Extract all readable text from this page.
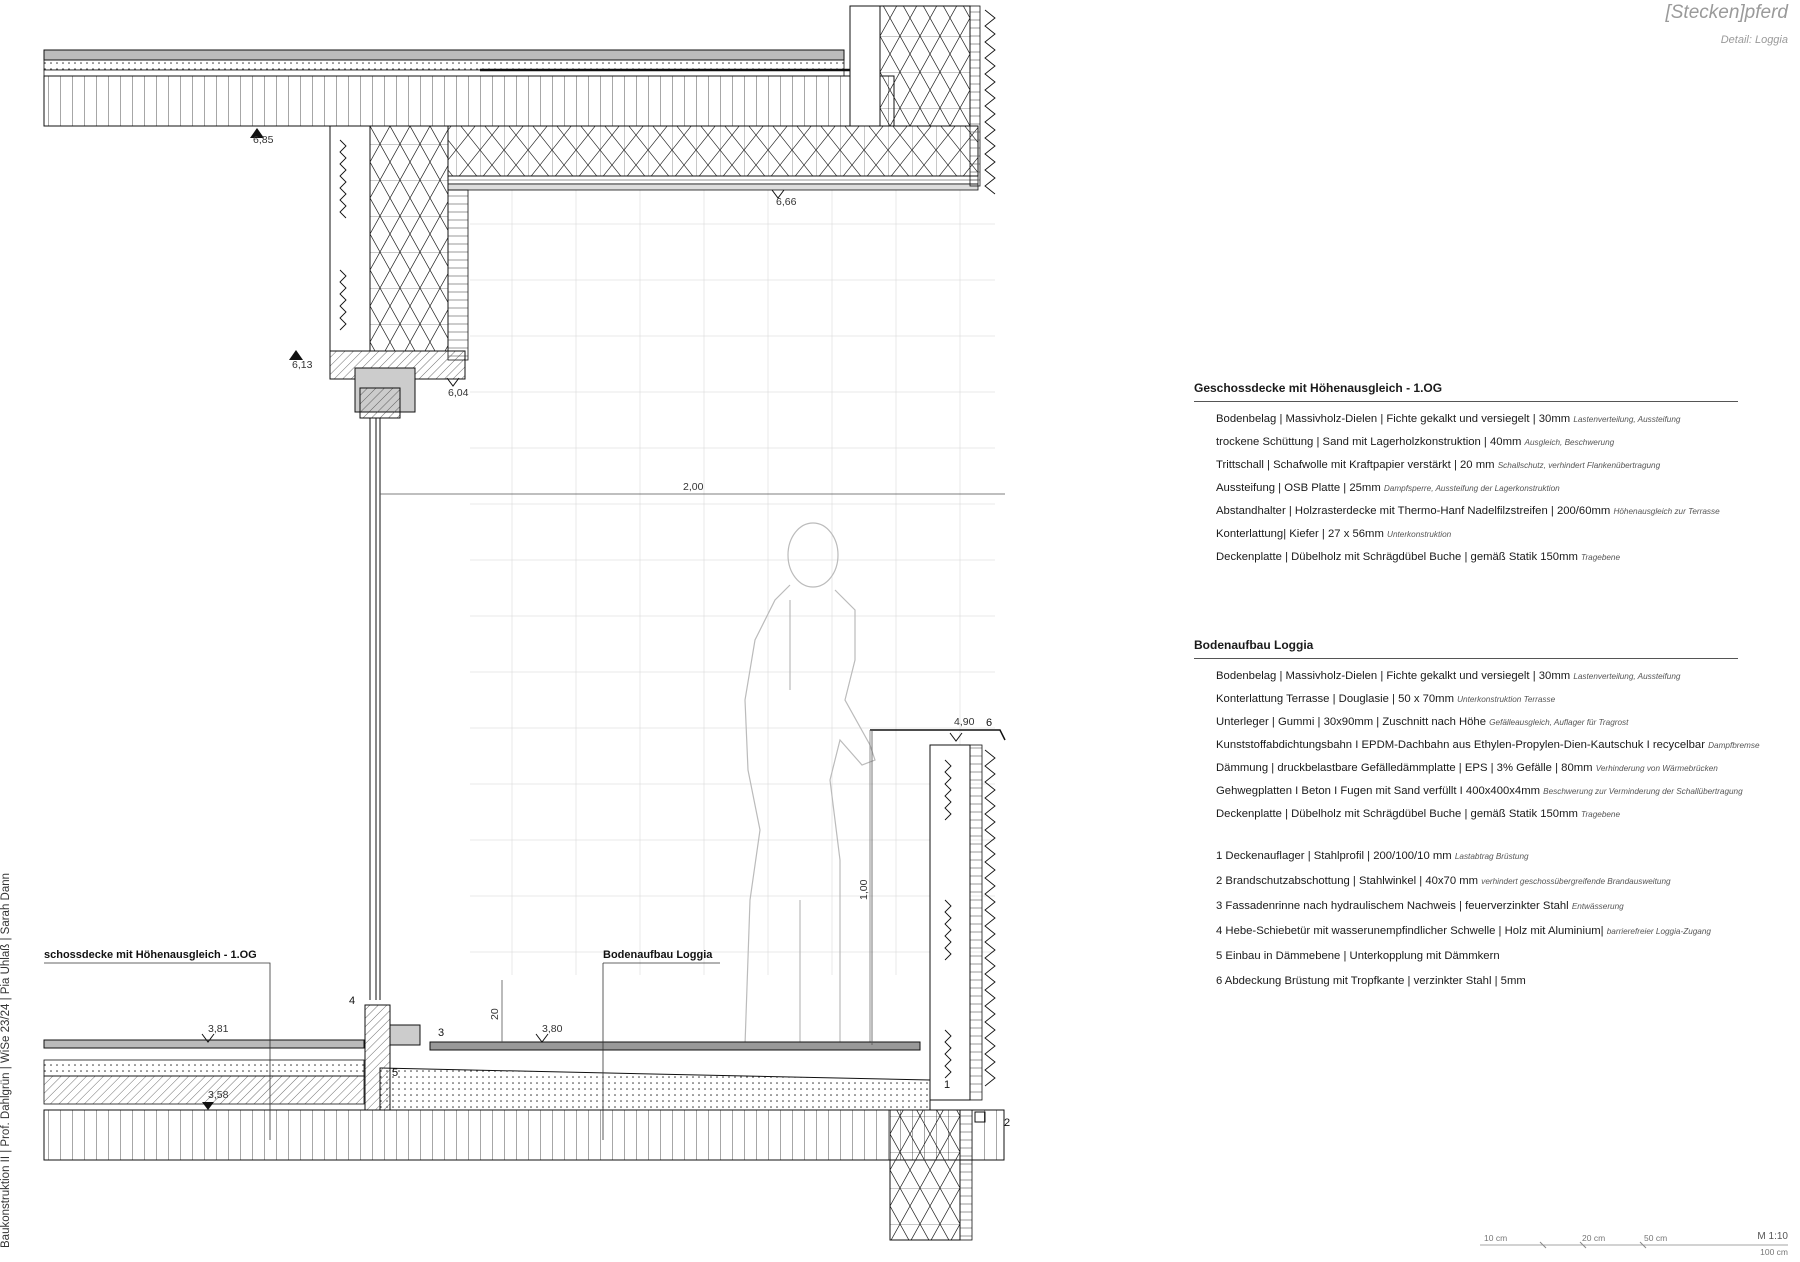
2,00
1,00
20
6,85
6,66
6,13
6,04
4,90
3,81	3,80
3,58
1
2
3
4
5
6
schossdecke mit Höhenausgleich - 1.OG	Bodenaufbau Loggia
[Stecken]pferd
Detail: Loggia
Baukonstruktion II | Prof. Dahlgrün | WiSe 23/24 | Pia Uhlaß | Sarah Dann
Geschossdecke mit Höhenausgleich - 1.OG
Bodenbelag | Massivholz-Dielen | Fichte gekalkt und versiegelt | 30mm Lastenverteilung, Aussteifung
trockene Schüttung | Sand mit Lagerholzkonstruktion | 40mm Ausgleich, Beschwerung
Trittschall | Schafwolle mit Kraftpapier verstärkt | 20 mm Schallschutz, verhindert Flankenübertragung
Aussteifung | OSB Platte | 25mm Dampfsperre, Aussteifung der Lagerkonstruktion
Abstandhalter | Holzrasterdecke mit Thermo-Hanf Nadelfilzstreifen | 200/60mm Höhenausgleich zur Terrasse
Konterlattung| Kiefer | 27 x 56mm Unterkonstruktion
Deckenplatte | Dübelholz mit Schrägdübel Buche | gemäß Statik 150mm Tragebene
Bodenaufbau Loggia
Bodenbelag | Massivholz-Dielen | Fichte gekalkt und versiegelt | 30mm Lastenverteilung, Aussteifung
Konterlattung Terrasse | Douglasie | 50 x 70mm Unterkonstruktion Terrasse
Unterleger | Gummi | 30x90mm | Zuschnitt nach Höhe Gefälleausgleich, Auflager für Tragrost
Kunststoffabdichtungsbahn I EPDM-Dachbahn aus Ethylen-Propylen-Dien-Kautschuk I recycelbar Dampfbremse
Dämmung | druckbelastbare Gefälledämmplatte | EPS | 3% Gefälle | 80mm Verhinderung von Wärmebrücken
Gehwegplatten I Beton I Fugen mit Sand verfüllt I 400x400x4mm Beschwerung zur Verminderung der Schallübertragung
Deckenplatte | Dübelholz mit Schrägdübel Buche | gemäß Statik 150mm Tragebene
1 Deckenauflager | Stahlprofil | 200/100/10 mm Lastabtrag Brüstung
2 Brandschutzabschottung | Stahlwinkel | 40x70 mm verhindert geschossübergreifende Brandausweitung
3 Fassadenrinne nach hydraulischem Nachweis | feuerverzinkter Stahl Entwässerung
4 Hebe-Schiebetür mit wasserunempfindlicher Schwelle | Holz mit Aluminium| barrierefreier Loggia-Zugang
5 Einbau in Dämmebene | Unterkopplung mit Dämmkern
6 Abdeckung Brüstung mit Tropfkante | verzinkter Stahl | 5mm
10 cm	20 cm	50 cm	M 1:10
100 cm
